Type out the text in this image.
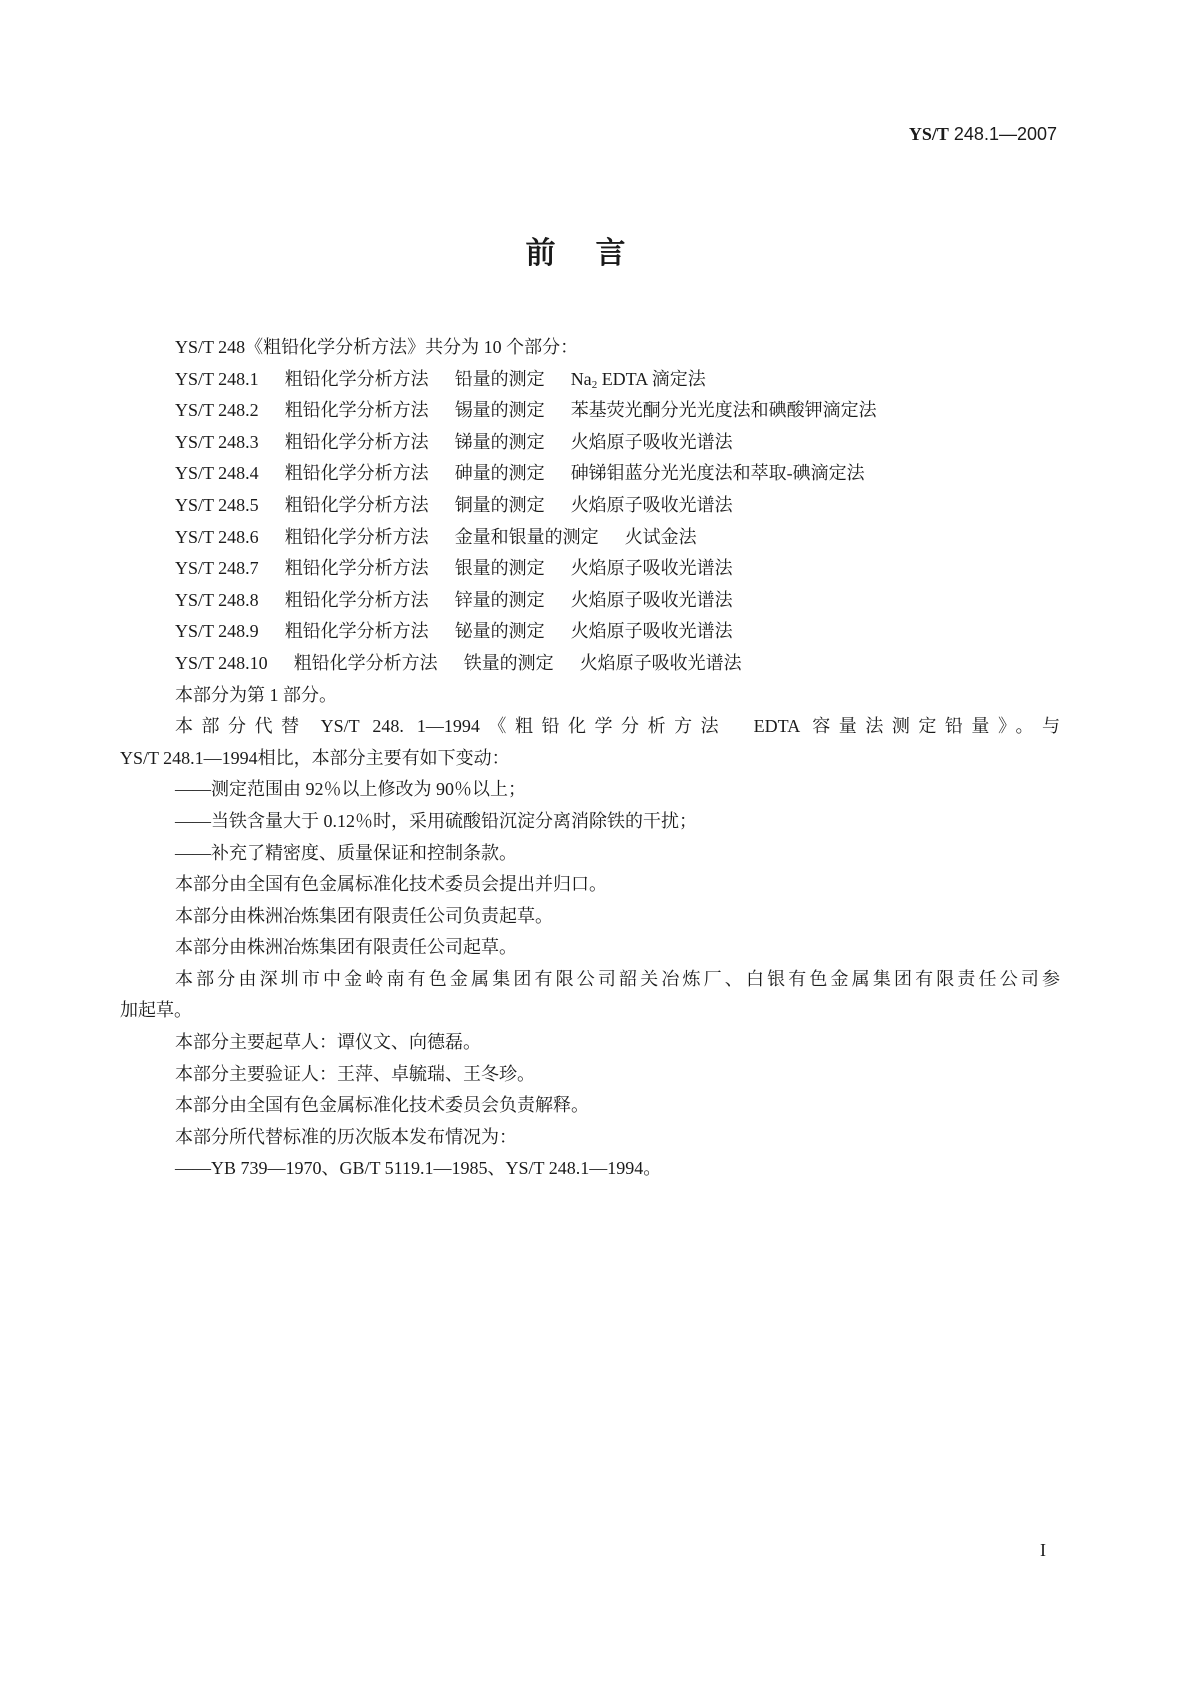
YS/T 248.1—2007
前言
YS/T 248《粗铅化学分析方法》共分为 10 个部分：
YS/T 248.1 粗铅化学分析方法 铅量的测定 $Na_2$ EDTA 滴定法
YS/T 248.2 粗铅化学分析方法 锡量的测定 苯基荧光酮分光光度法和碘酸钾滴定法
YS/T 248.3 粗铅化学分析方法 锑量的测定 火焰原子吸收光谱法
YS/T 248.4 粗铅化学分析方法 砷量的测定 砷锑钼蓝分光光度法和萃取-碘滴定法
YS/T 248.5 粗铅化学分析方法 铜量的测定 火焰原子吸收光谱法
YS/T 248.6 粗铅化学分析方法 金量和银量的测定 火试金法
YS/T 248.7 粗铅化学分析方法 银量的测定 火焰原子吸收光谱法
YS/T 248.8 粗铅化学分析方法 锌量的测定 火焰原子吸收光谱法
YS/T 248.9 粗铅化学分析方法 铋量的测定 火焰原子吸收光谱法
YS/T 248.10 粗铅化学分析方法 铁量的测定 火焰原子吸收光谱法
本部分为第 1 部分。
本部分代替 YS/T 248. 1—1994《粗铅化学分析方法　EDTA 容量法测定铅量》。与
YS/T 248.1—1994相比，本部分主要有如下变动：
——测定范围由 92％以上修改为 90％以上；
——当铁含量大于 0.12％时，采用硫酸铅沉淀分离消除铁的干扰；
——补充了精密度、质量保证和控制条款。
本部分由全国有色金属标准化技术委员会提出并归口。
本部分由株洲冶炼集团有限责任公司负责起草。
本部分由株洲冶炼集团有限责任公司起草。
本部分由深圳市中金岭南有色金属集团有限公司韶关冶炼厂、白银有色金属集团有限责任公司参
加起草。
本部分主要起草人：谭仪文、向德磊。
本部分主要验证人：王萍、卓毓瑞、王冬珍。
本部分由全国有色金属标准化技术委员会负责解释。
本部分所代替标准的历次版本发布情况为：
——YB 739—1970、GB/T 5119.1—1985、YS/T 248.1—1994。
I
